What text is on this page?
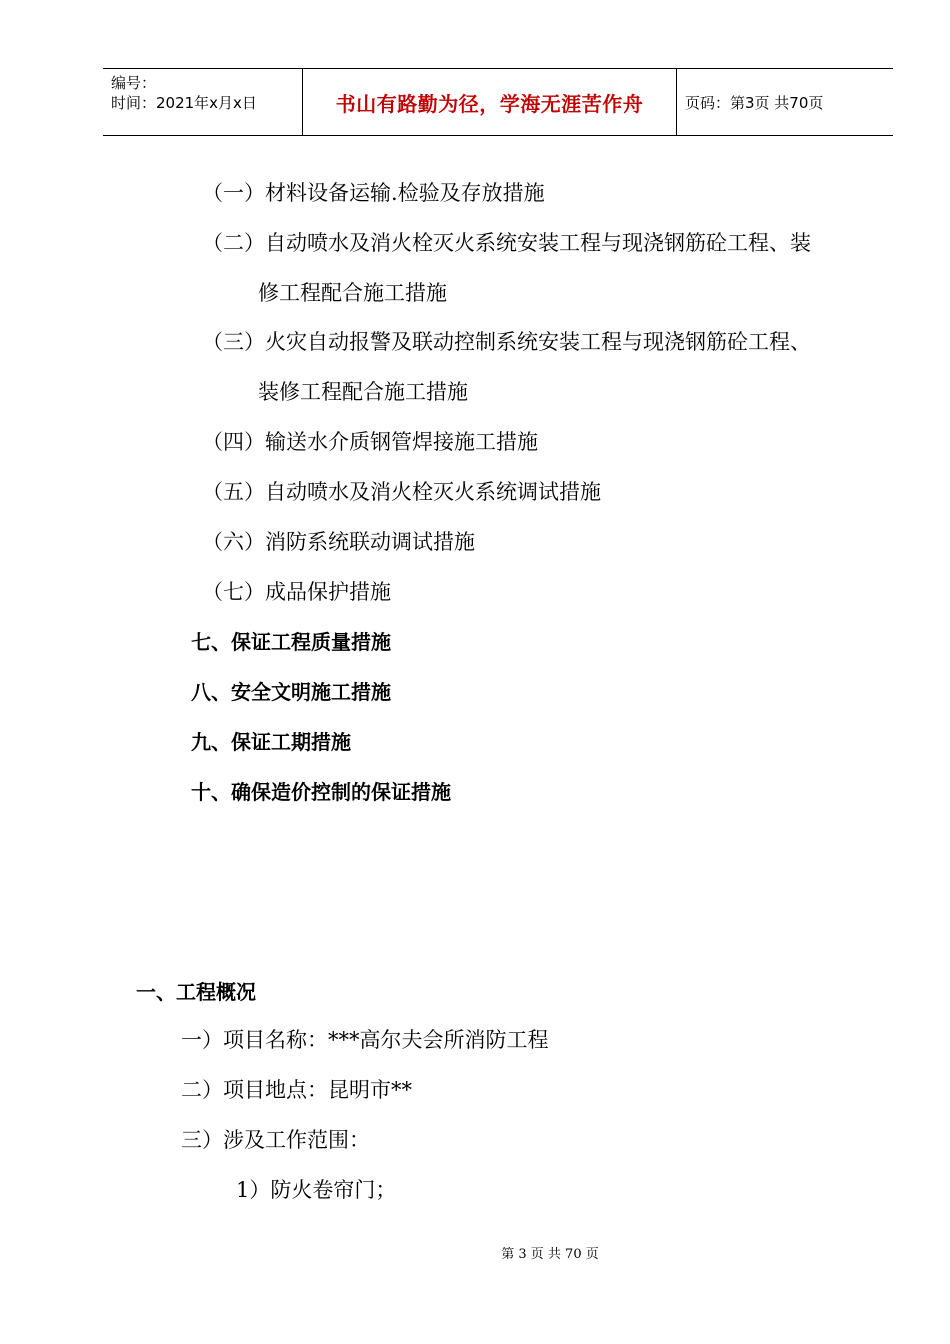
编号：
时间：2021年x月x日	书山有路勤为径，学海无涯苦作舟	页码：第3页 共70页
（一）材料设备运输.检验及存放措施
（二）自动喷水及消火栓灭火系统安装工程与现浇钢筋砼工程、装
修工程配合施工措施
（三）火灾自动报警及联动控制系统安装工程与现浇钢筋砼工程、
装修工程配合施工措施
（四）输送水介质钢管焊接施工措施
（五）自动喷水及消火栓灭火系统调试措施
（六）消防系统联动调试措施
（七）成品保护措施
七、保证工程质量措施
八、安全文明施工措施
九、保证工期措施
十、确保造价控制的保证措施
一、工程概况
一）项目名称：***高尔夫会所消防工程
二）项目地点：昆明市**
三）涉及工作范围：
1）防火卷帘门；
第 3 页 共 70 页
